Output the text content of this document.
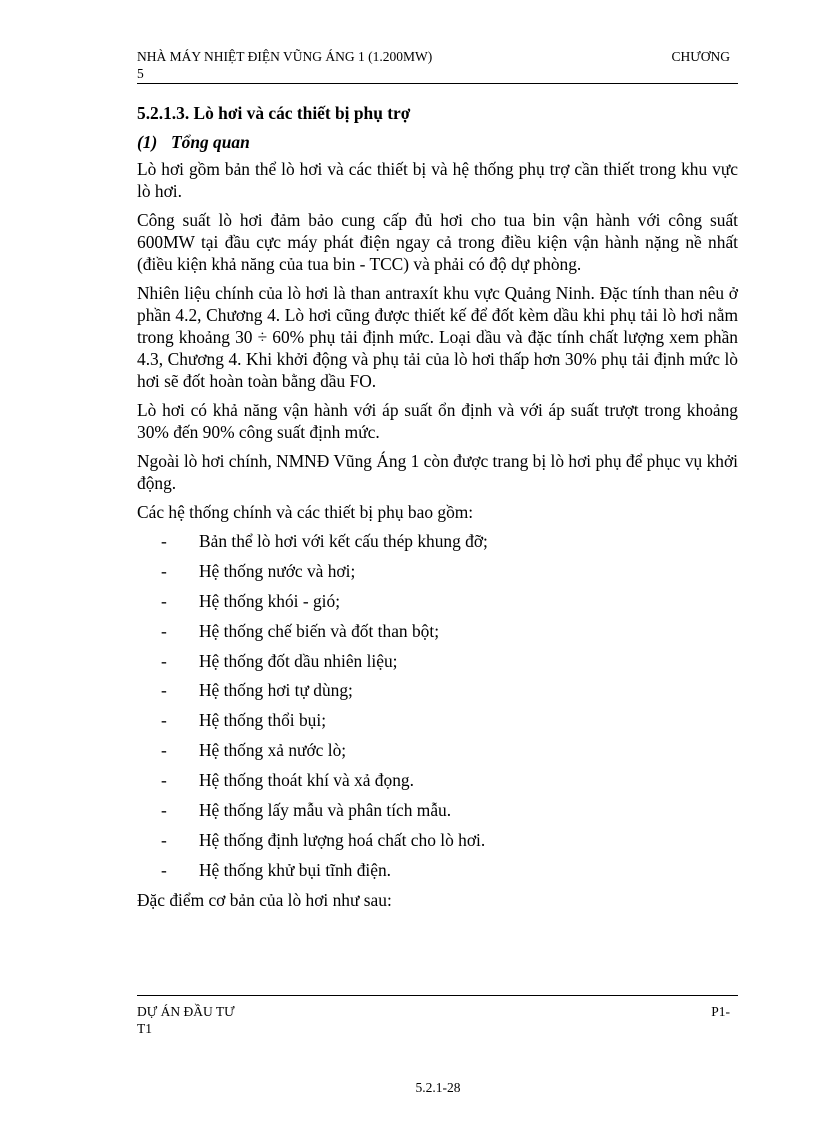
NHÀ MÁY NHIỆT ĐIỆN VŨNG ÁNG 1 (1.200MW)	CHƯƠNG
5
5.2.1.3. Lò hơi và các thiết bị phụ trợ
(1) Tổng quan

Lò hơi gồm bản thể lò hơi và các thiết bị và hệ thống phụ trợ cần thiết trong khu vực lò hơi.

Công suất lò hơi đảm bảo cung cấp đủ hơi cho tua bin vận hành với công suất 600MW tại đầu cực máy phát điện ngay cả trong điều kiện vận hành nặng nề nhất (điều kiện khả năng của tua bin - TCC) và phải có độ dự phòng.

Nhiên liệu chính của lò hơi là than antraxít khu vực Quảng Ninh. Đặc tính than nêu ở phần 4.2, Chương 4. Lò hơi cũng được thiết kế để đốt kèm dầu khi phụ tải lò hơi nằm trong khoảng 30 ÷ 60% phụ tải định mức. Loại dầu và đặc tính chất lượng xem phần 4.3, Chương 4. Khi khởi động và phụ tải của lò hơi thấp hơn 30% phụ tải định mức lò hơi sẽ đốt hoàn toàn bằng dầu FO.

Lò hơi có khả năng vận hành với áp suất ổn định và với áp suất trượt trong khoảng 30% đến 90% công suất định mức.

Ngoài lò hơi chính, NMNĐ Vũng Áng 1 còn được trang bị lò hơi phụ để phục vụ khởi động.

Các hệ thống chính và các thiết bị phụ bao gồm:

- Bản thể lò hơi với kết cấu thép khung đỡ;
- Hệ thống nước và hơi;
- Hệ thống khói - gió;
- Hệ thống chế biến và đốt than bột;
- Hệ thống đốt dầu nhiên liệu;
- Hệ thống hơi tự dùng;
- Hệ thống thổi bụi;
- Hệ thống xả nước lò;
- Hệ thống thoát khí và xả đọng.
- Hệ thống lấy mẫu và phân tích mẫu.
- Hệ thống định lượng hoá chất cho lò hơi.
- Hệ thống khử bụi tĩnh điện.

Đặc điểm cơ bản của lò hơi như sau:

DỰ ÁN ĐẦU TƯ	P1-
T1
5.2.1-28
